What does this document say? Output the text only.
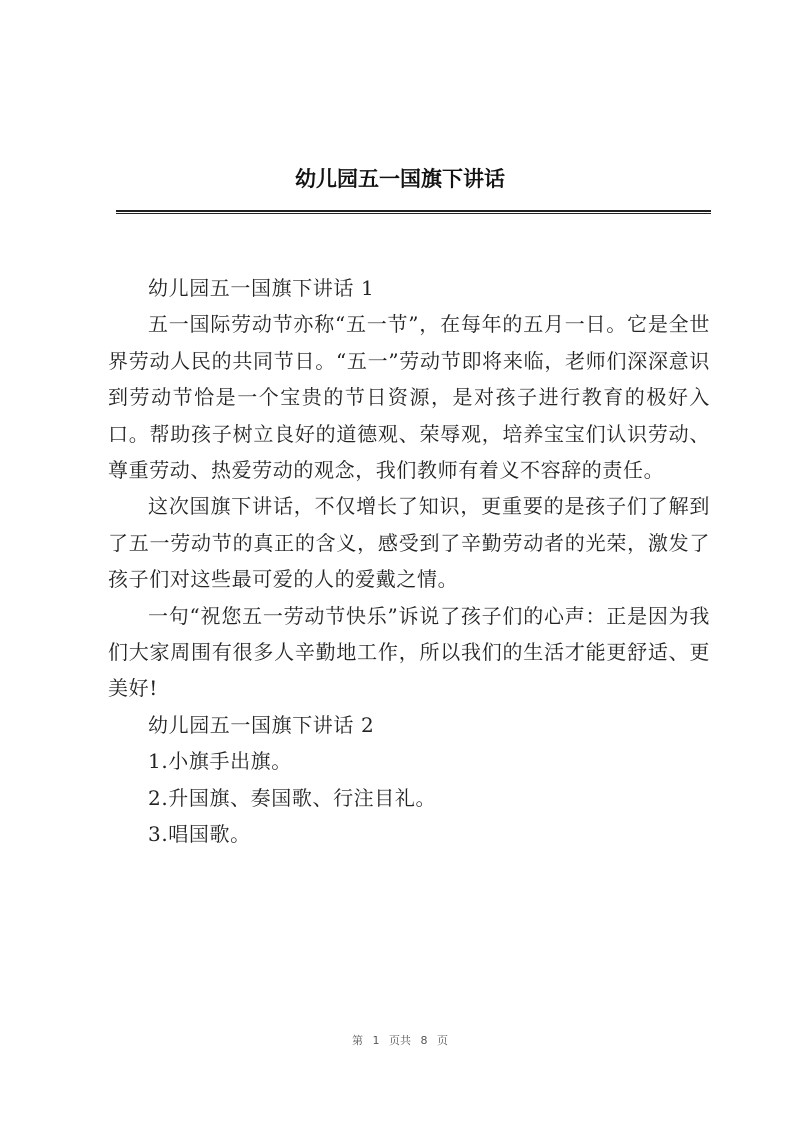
幼儿园五一国旗下讲话

幼儿园五一国旗下讲话 1

五一国际劳动节亦称“五一节”，在每年的五月一日。它是全世界劳动人民的共同节日。“五一”劳动节即将来临，老师们深深意识到劳动节恰是一个宝贵的节日资源，是对孩子进行教育的极好入口。帮助孩子树立良好的道德观、荣辱观，培养宝宝们认识劳动、尊重劳动、热爱劳动的观念，我们教师有着义不容辞的责任。

这次国旗下讲话，不仅增长了知识，更重要的是孩子们了解到了五一劳动节的真正的含义，感受到了辛勤劳动者的光荣，激发了孩子们对这些最可爱的人的爱戴之情。

一句“祝您五一劳动节快乐”诉说了孩子们的心声：正是因为我们大家周围有很多人辛勤地工作，所以我们的生活才能更舒适、更美好!

幼儿园五一国旗下讲话 2

1.小旗手出旗。

2.升国旗、奏国歌、行注目礼。

3.唱国歌。

第 1 页共 8 页
